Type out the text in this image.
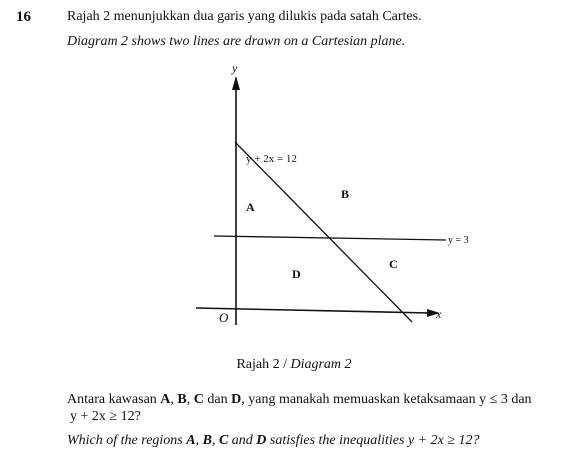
16	Rajah 2 menunjukkan dua garis yang dilukis pada satah Cartes.
Diagram 2 shows two lines are drawn on a Cartesian plane.
y
x
O
y = 3
y + 2x = 12
A
B
C
D
Rajah 2 / Diagram 2
Antara kawasan A, B, C dan D, yang manakah memuaskan ketaksamaan y ≤ 3 dan
y + 2x ≥ 12?
Which of the regions A, B, C and D satisfies the inequalities y + 2x ≥ 12?
